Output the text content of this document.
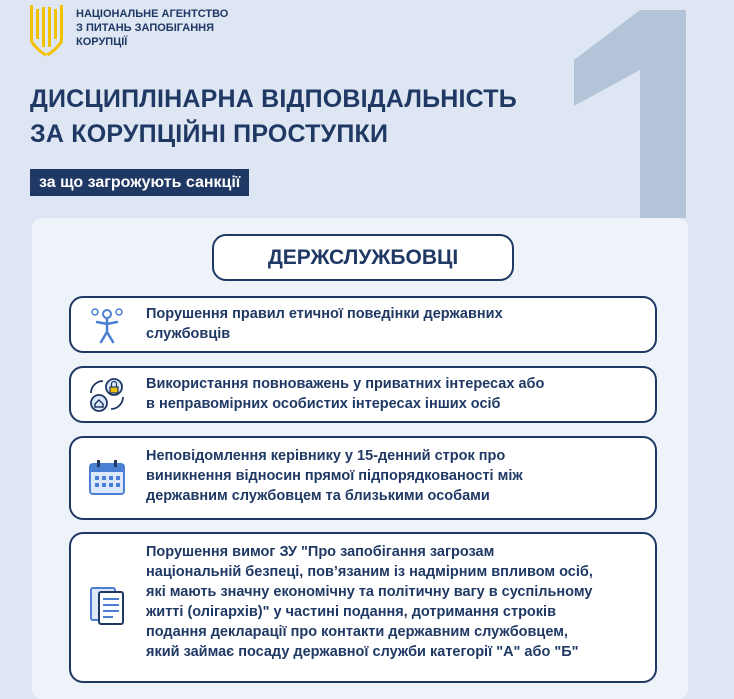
НАЦІОНАЛЬНЕ АГЕНТСТВО
З ПИТАНЬ ЗАПОБІГАННЯ
КОРУПЦІЇ
1
ДИСЦИПЛІНАРНА ВІДПОВІДАЛЬНІСТЬ
ЗА КОРУПЦІЙНІ ПРОСТУПКИ
за що загрожують санкції
ДЕРЖСЛУЖБОВЦІ
Порушення правил етичної поведінки державних
службовців
Використання повноважень у приватних інтересах або
в неправомірних особистих інтересах інших осіб
Неповідомлення керівнику у 15-денний строк про
виникнення відносин прямої підпорядкованості між
державним службовцем та близькими особами
Порушення вимог ЗУ "Про запобігання загрозам
національній безпеці, пов’язаним із надмірним впливом осіб,
які мають значну економічну та політичну вагу в суспільному
житті (олігархів)" у частині подання, дотримання строків
подання декларації про контакти державним службовцем,
який займає посаду державної служби категорії "А" або "Б"
